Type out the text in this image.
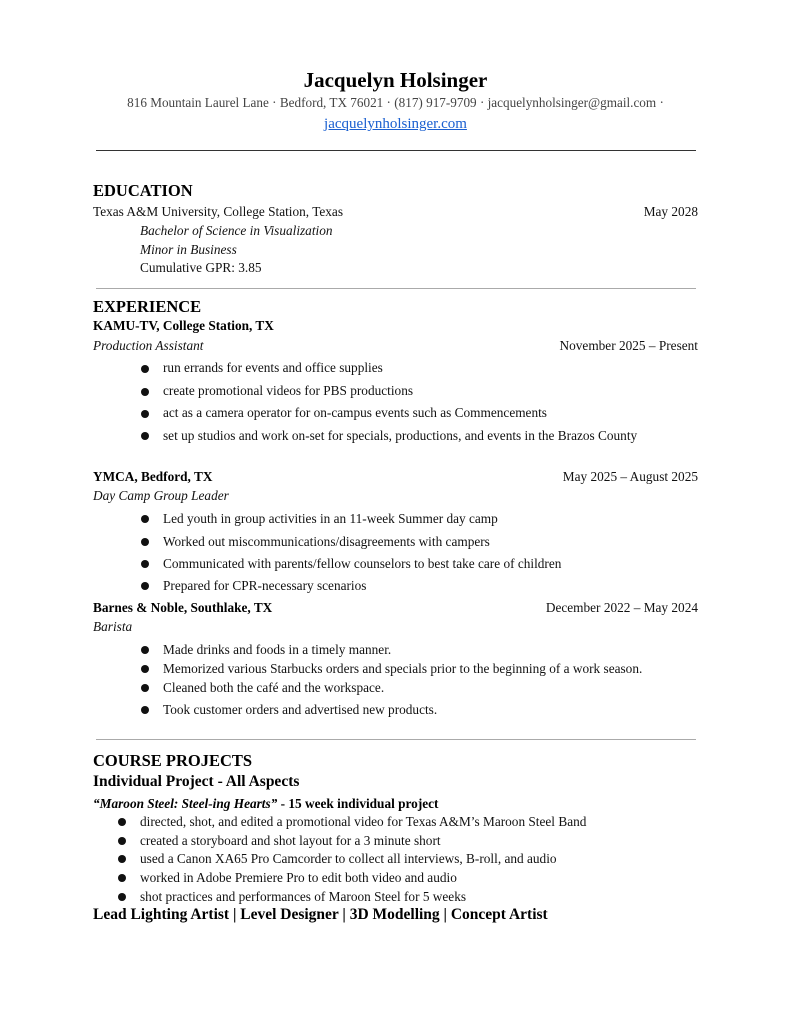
Jacquelyn Holsinger
816 Mountain Laurel Lane · Bedford, TX 76021 · (817) 917-9709 · jacquelynholsinger@gmail.com ·
jacquelynholsinger.com
EDUCATION
Texas A&M University, College Station, Texas	May 2028
Bachelor of Science in Visualization
Minor in Business
Cumulative GPR: 3.85
EXPERIENCE
KAMU-TV, College Station, TX
Production Assistant	November 2025 – Present
run errands for events and office supplies
create promotional videos for PBS productions
act as a camera operator for on-campus events such as Commencements
set up studios and work on-set for specials, productions, and events in the Brazos County
YMCA, Bedford, TX	May 2025 – August 2025
Day Camp Group Leader
Led youth in group activities in an 11-week Summer day camp
Worked out miscommunications/disagreements with campers
Communicated with parents/fellow counselors to best take care of children
Prepared for CPR-necessary scenarios
Barnes & Noble, Southlake, TX	December 2022 – May 2024
Barista
Made drinks and foods in a timely manner.
Memorized various Starbucks orders and specials prior to the beginning of a work season.
Cleaned both the café and the workspace.
Took customer orders and advertised new products.
COURSE PROJECTS
Individual Project - All Aspects
“Maroon Steel: Steel-ing Hearts” - 15 week individual project
directed, shot, and edited a promotional video for Texas A&M’s Maroon Steel Band
created a storyboard and shot layout for a 3 minute short
used a Canon XA65 Pro Camcorder to collect all interviews, B-roll, and audio
worked in Adobe Premiere Pro to edit both video and audio
shot practices and performances of Maroon Steel for 5 weeks
Lead Lighting Artist | Level Designer | 3D Modelling | Concept Artist
